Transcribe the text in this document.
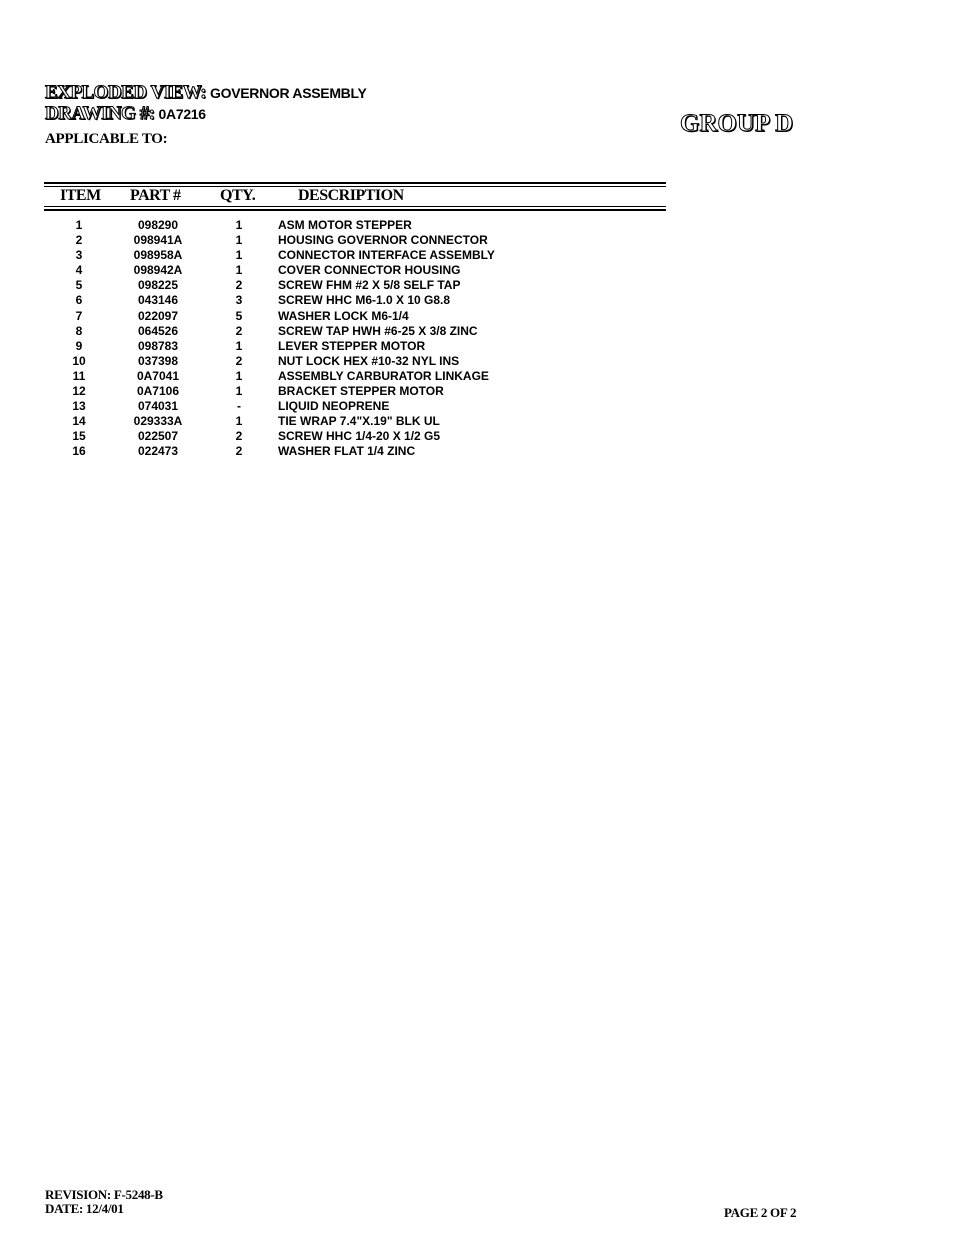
EXPLODED VIEW: GOVERNOR ASSEMBLY
DRAWING #: 0A7216
APPLICABLE TO:
GROUP D
ITEM PART #	QTY.	DESCRIPTION
1	098290	1	ASM MOTOR STEPPER
2	098941A	1	HOUSING GOVERNOR CONNECTOR
3	098958A	1	CONNECTOR INTERFACE ASSEMBLY
4	098942A	1	COVER CONNECTOR HOUSING
5	098225	2	SCREW FHM #2 X 5/8 SELF TAP
6	043146	3	SCREW HHC M6-1.0 X 10 G8.8
7	022097	5	WASHER LOCK M6-1/4
8	064526	2	SCREW TAP HWH #6-25 X 3/8 ZINC
9	098783	1	LEVER STEPPER MOTOR
10	037398	2	NUT LOCK HEX #10-32 NYL INS
11	0A7041	1	ASSEMBLY CARBURATOR LINKAGE
12	0A7106	1	BRACKET STEPPER MOTOR
13	074031	-	LIQUID NEOPRENE
14	029333A	1	TIE WRAP 7.4"X.19" BLK UL
15	022507	2	SCREW HHC 1/4-20 X 1/2 G5
16	022473	2	WASHER FLAT 1/4 ZINC
REVISION: F-5248-B
DATE: 12/4/01	PAGE 2 OF 2
